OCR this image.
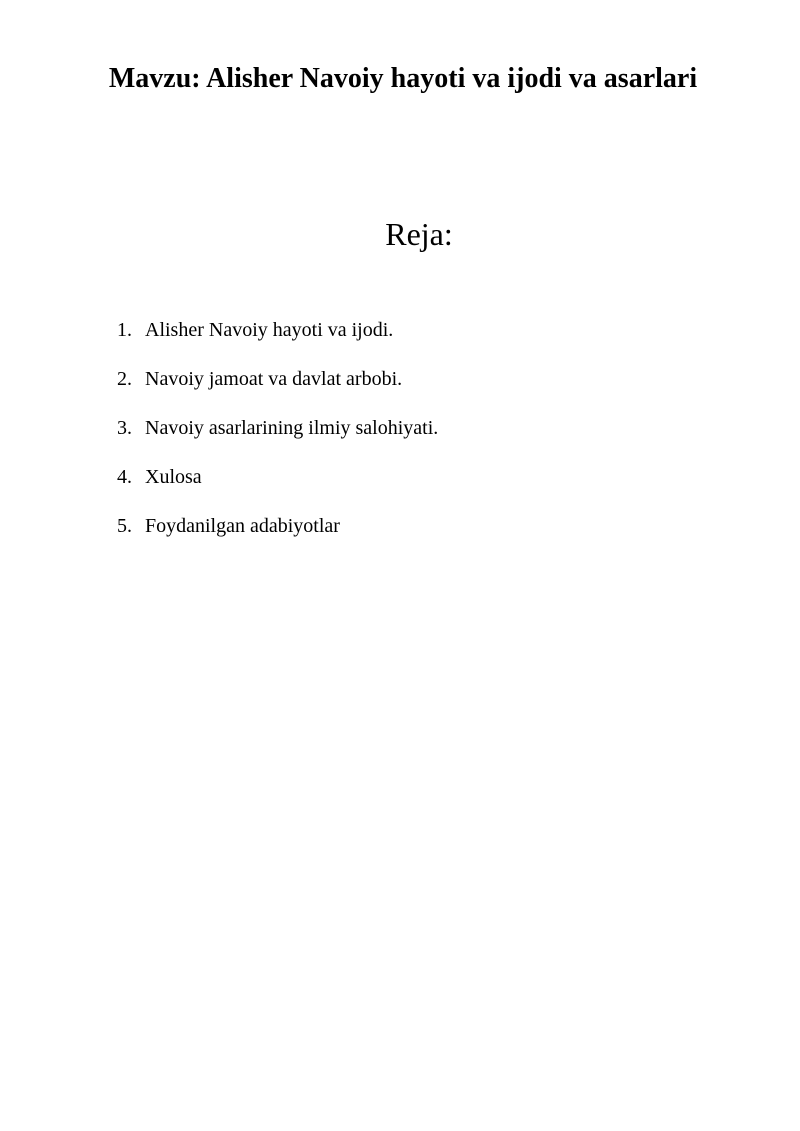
Mavzu: Alisher Navoiy hayoti va ijodi va asarlari
Reja:
1. Alisher Navoiy hayoti va ijodi.
2. Navoiy jamoat va davlat arbobi.
3. Navoiy asarlarining ilmiy salohiyati.
4. Xulosa
5. Foydanilgan adabiyotlar
